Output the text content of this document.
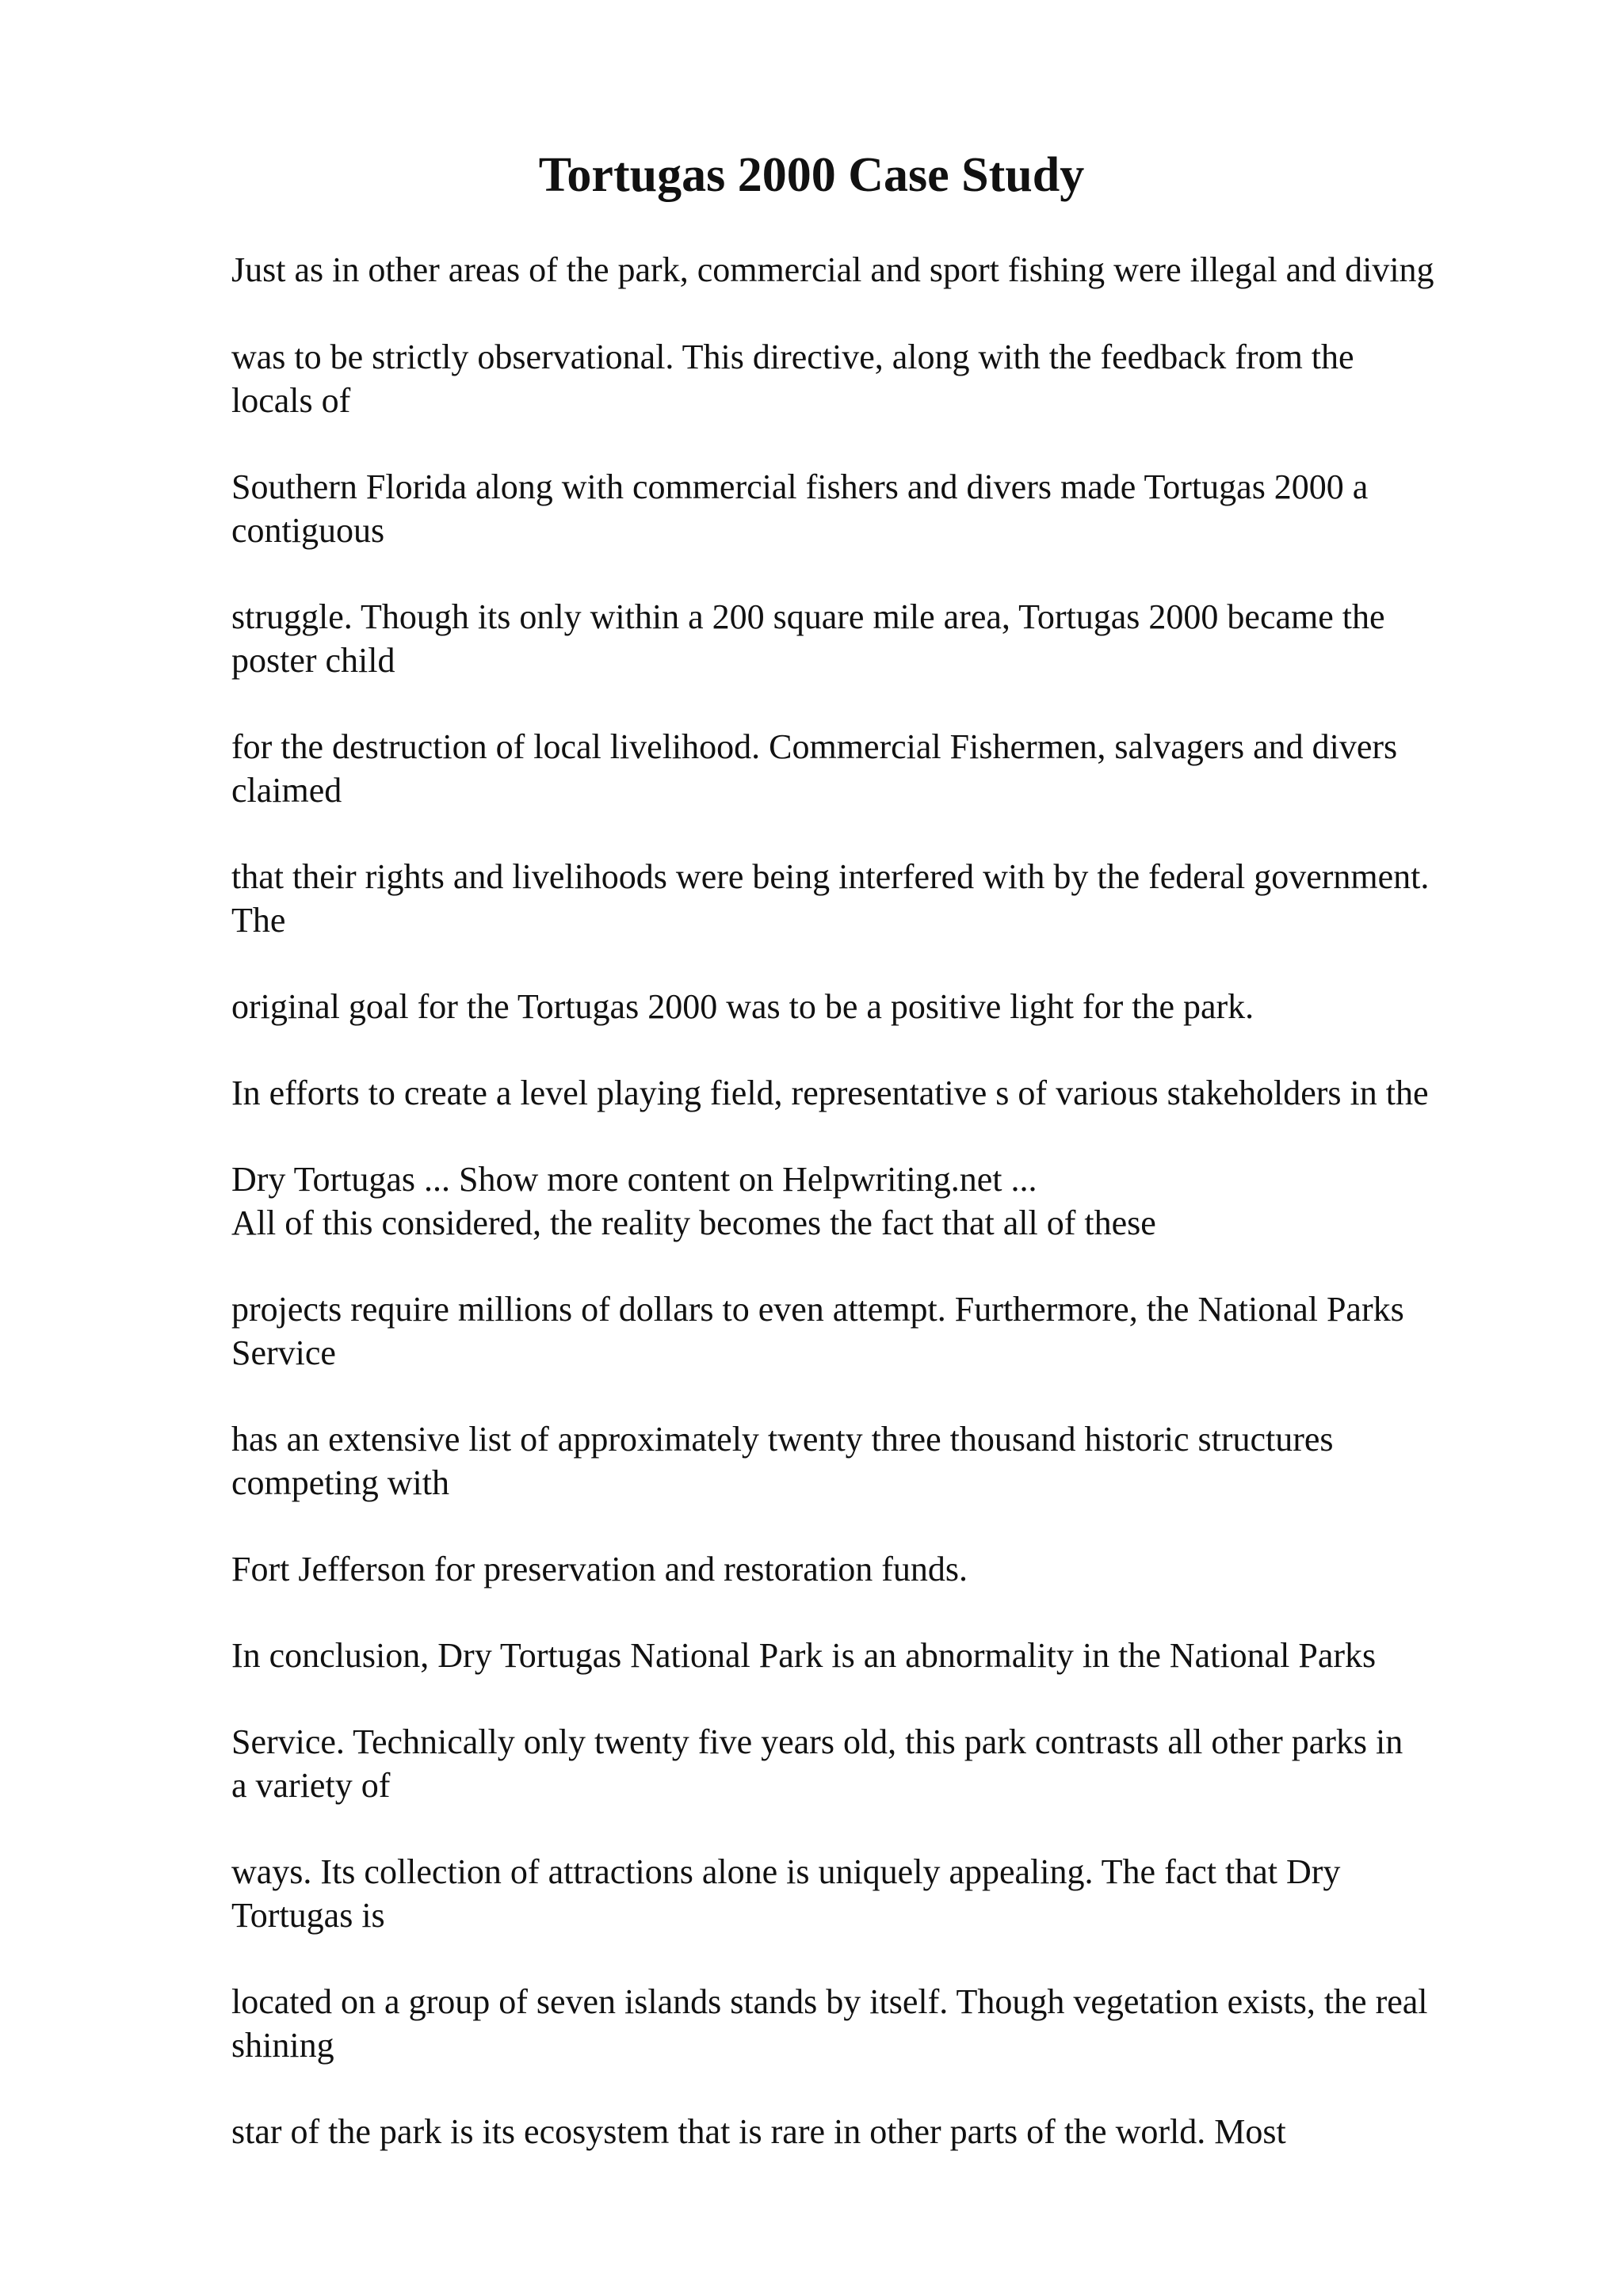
Tortugas 2000 Case Study

Just as in other areas of the park, commercial and sport fishing were illegal and diving

was to be strictly observational. This directive, along with the feedback from the
locals of

Southern Florida along with commercial fishers and divers made Tortugas 2000 a
contiguous

struggle. Though its only within a 200 square mile area, Tortugas 2000 became the
poster child

for the destruction of local livelihood. Commercial Fishermen, salvagers and divers
claimed

that their rights and livelihoods were being interfered with by the federal government.
The

original goal for the Tortugas 2000 was to be a positive light for the park.

In efforts to create a level playing field, representative s of various stakeholders in the

Dry Tortugas ... Show more content on Helpwriting.net ...
All of this considered, the reality becomes the fact that all of these

projects require millions of dollars to even attempt. Furthermore, the National Parks
Service

has an extensive list of approximately twenty three thousand historic structures
competing with

Fort Jefferson for preservation and restoration funds.

In conclusion, Dry Tortugas National Park is an abnormality in the National Parks

Service. Technically only twenty five years old, this park contrasts all other parks in
a variety of

ways. Its collection of attractions alone is uniquely appealing. The fact that Dry
Tortugas is

located on a group of seven islands stands by itself. Though vegetation exists, the real
shining

star of the park is its ecosystem that is rare in other parts of the world. Most
